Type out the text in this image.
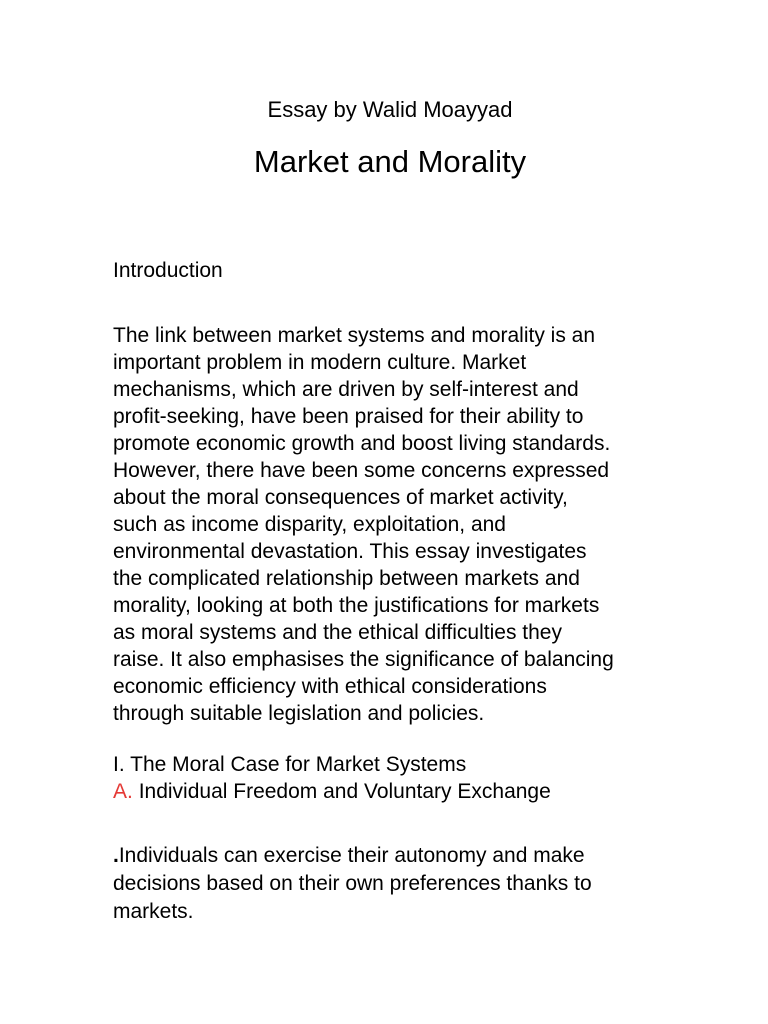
Essay by Walid Moayyad
Market and Morality
Introduction
The link between market systems and morality is an
important problem in modern culture. Market
mechanisms, which are driven by self-interest and
profit-seeking, have been praised for their ability to
promote economic growth and boost living standards.
However, there have been some concerns expressed
about the moral consequences of market activity,
such as income disparity, exploitation, and
environmental devastation. This essay investigates
the complicated relationship between markets and
morality, looking at both the justifications for markets
as moral systems and the ethical difficulties they
raise. It also emphasises the significance of balancing
economic efficiency with ethical considerations
through suitable legislation and policies.
I. The Moral Case for Market Systems
A. Individual Freedom and Voluntary Exchange
.Individuals can exercise their autonomy and make
decisions based on their own preferences thanks to
markets.
